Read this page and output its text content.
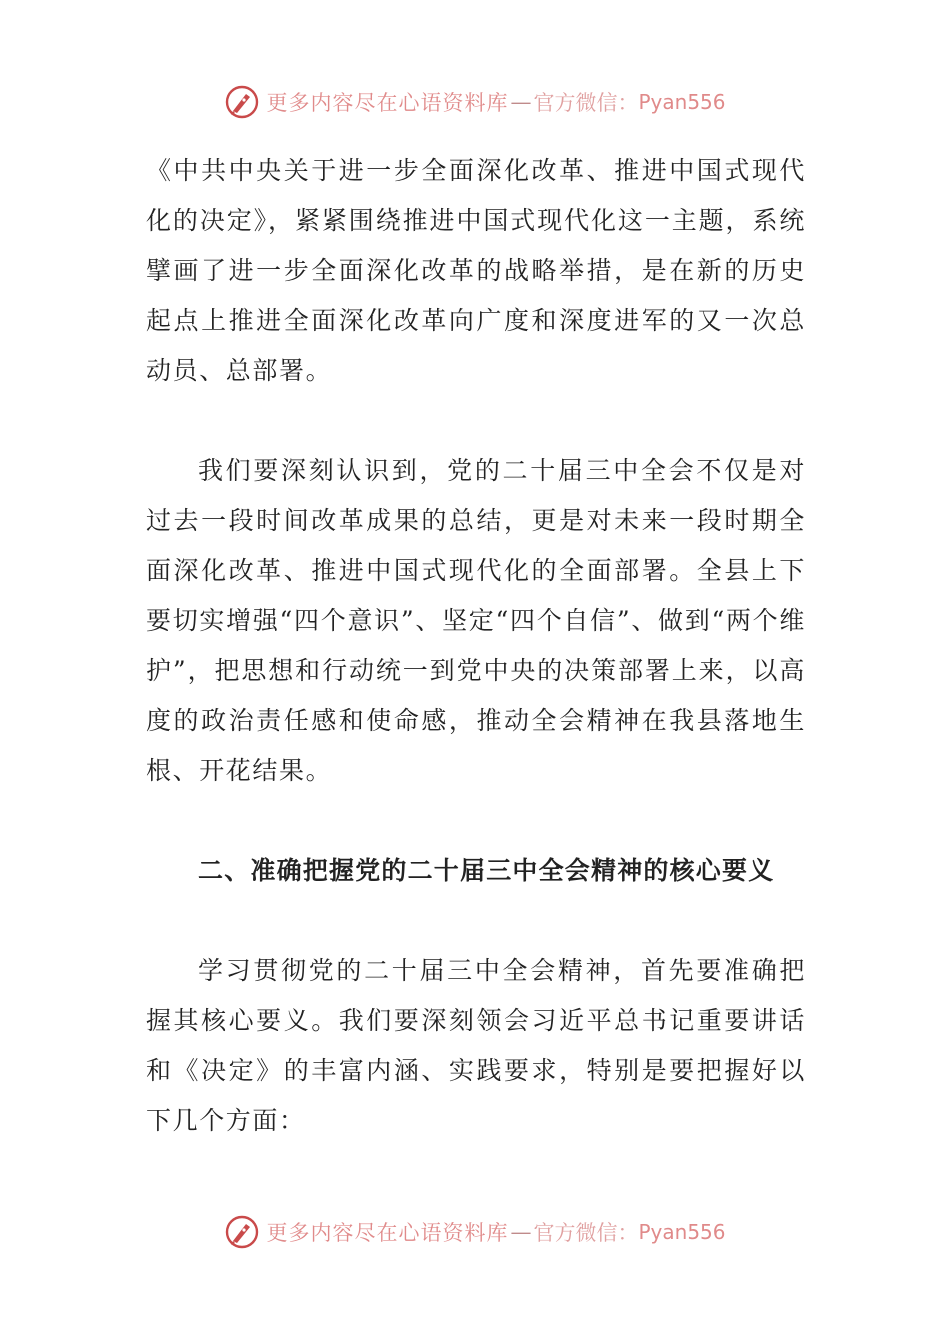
更多内容尽在心语资料库 — 官方微信： Pyan556

《中共中央关于进一步全面深化改革、推进中国式现代化的决定》，紧紧围绕推进中国式现代化这一主题，系统擘画了进一步全面深化改革的战略举措，是在新的历史起点上推进全面深化改革向广度和深度进军的又一次总动员、总部署。

我们要深刻认识到，党的二十届三中全会不仅是对过去一段时间改革成果的总结，更是对未来一段时期全面深化改革、推进中国式现代化的全面部署。全县上下要切实增强“四个意识”、坚定“四个自信”、做到“两个维护”，把思想和行动统一到党中央的决策部署上来，以高度的政治责任感和使命感，推动全会精神在我县落地生根、开花结果。

二、准确把握党的二十届三中全会精神的核心要义

学习贯彻党的二十届三中全会精神，首先要准确把握其核心要义。我们要深刻领会习近平总书记重要讲话和《决定》的丰富内涵、实践要求，特别是要把握好以下几个方面：

更多内容尽在心语资料库 — 官方微信： Pyan556
